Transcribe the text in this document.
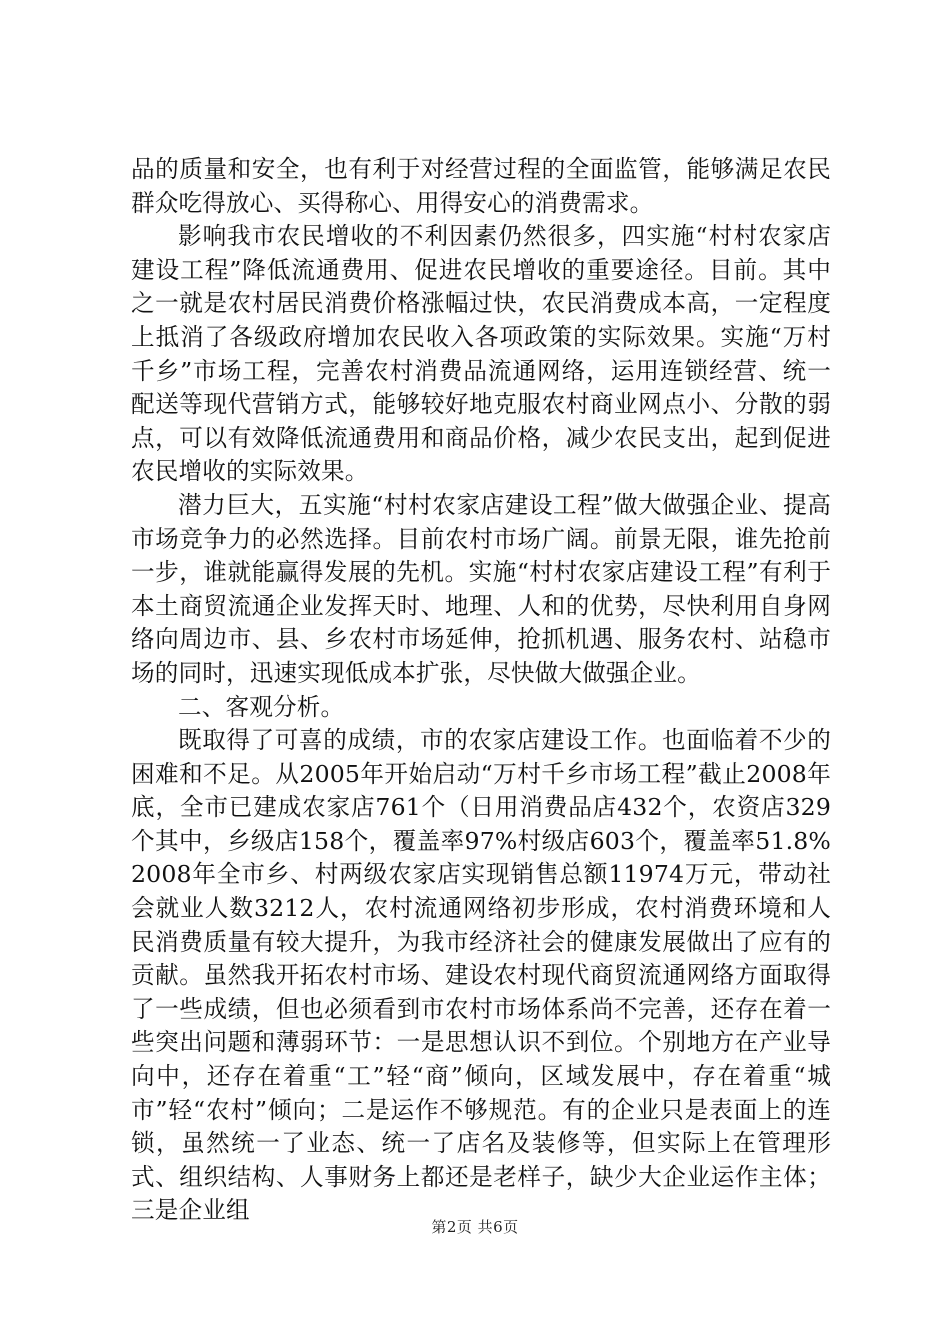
品的质量和安全，也有利于对经营过程的全面监管，能够满足农民群众吃得放心、买得称心、用得安心的消费需求。

影响我市农民增收的不利因素仍然很多，四实施“村村农家店建设工程”降低流通费用、促进农民增收的重要途径。目前。其中之一就是农村居民消费价格涨幅过快，农民消费成本高，一定程度上抵消了各级政府增加农民收入各项政策的实际效果。实施“万村千乡”市场工程，完善农村消费品流通网络，运用连锁经营、统一配送等现代营销方式，能够较好地克服农村商业网点小、分散的弱点，可以有效降低流通费用和商品价格，减少农民支出，起到促进农民增收的实际效果。

潜力巨大，五实施“村村农家店建设工程”做大做强企业、提高市场竞争力的必然选择。目前农村市场广阔。前景无限，谁先抢前一步，谁就能赢得发展的先机。实施“村村农家店建设工程”有利于本土商贸流通企业发挥天时、地理、人和的优势，尽快利用自身网络向周边市、县、乡农村市场延伸，抢抓机遇、服务农村、站稳市场的同时，迅速实现低成本扩张，尽快做大做强企业。

二、客观分析。

既取得了可喜的成绩，市的农家店建设工作。也面临着不少的困难和不足。从2005年开始启动“万村千乡市场工程”截止2008年底，全市已建成农家店761个（日用消费品店432个，农资店329个其中，乡级店158个，覆盖率97%村级店603个，覆盖率51.8%2008年全市乡、村两级农家店实现销售总额11974万元，带动社会就业人数3212人，农村流通网络初步形成，农村消费环境和人民消费质量有较大提升，为我市经济社会的健康发展做出了应有的贡献。虽然我开拓农村市场、建设农村现代商贸流通网络方面取得了一些成绩，但也必须看到市农村市场体系尚不完善，还存在着一些突出问题和薄弱环节：一是思想认识不到位。个别地方在产业导向中，还存在着重“工”轻“商”倾向，区域发展中，存在着重“城市”轻“农村”倾向；二是运作不够规范。有的企业只是表面上的连锁，虽然统一了业态、统一了店名及装修等，但实际上在管理形式、组织结构、人事财务上都还是老样子，缺少大企业运作主体；三是企业组

第2页 共6页
